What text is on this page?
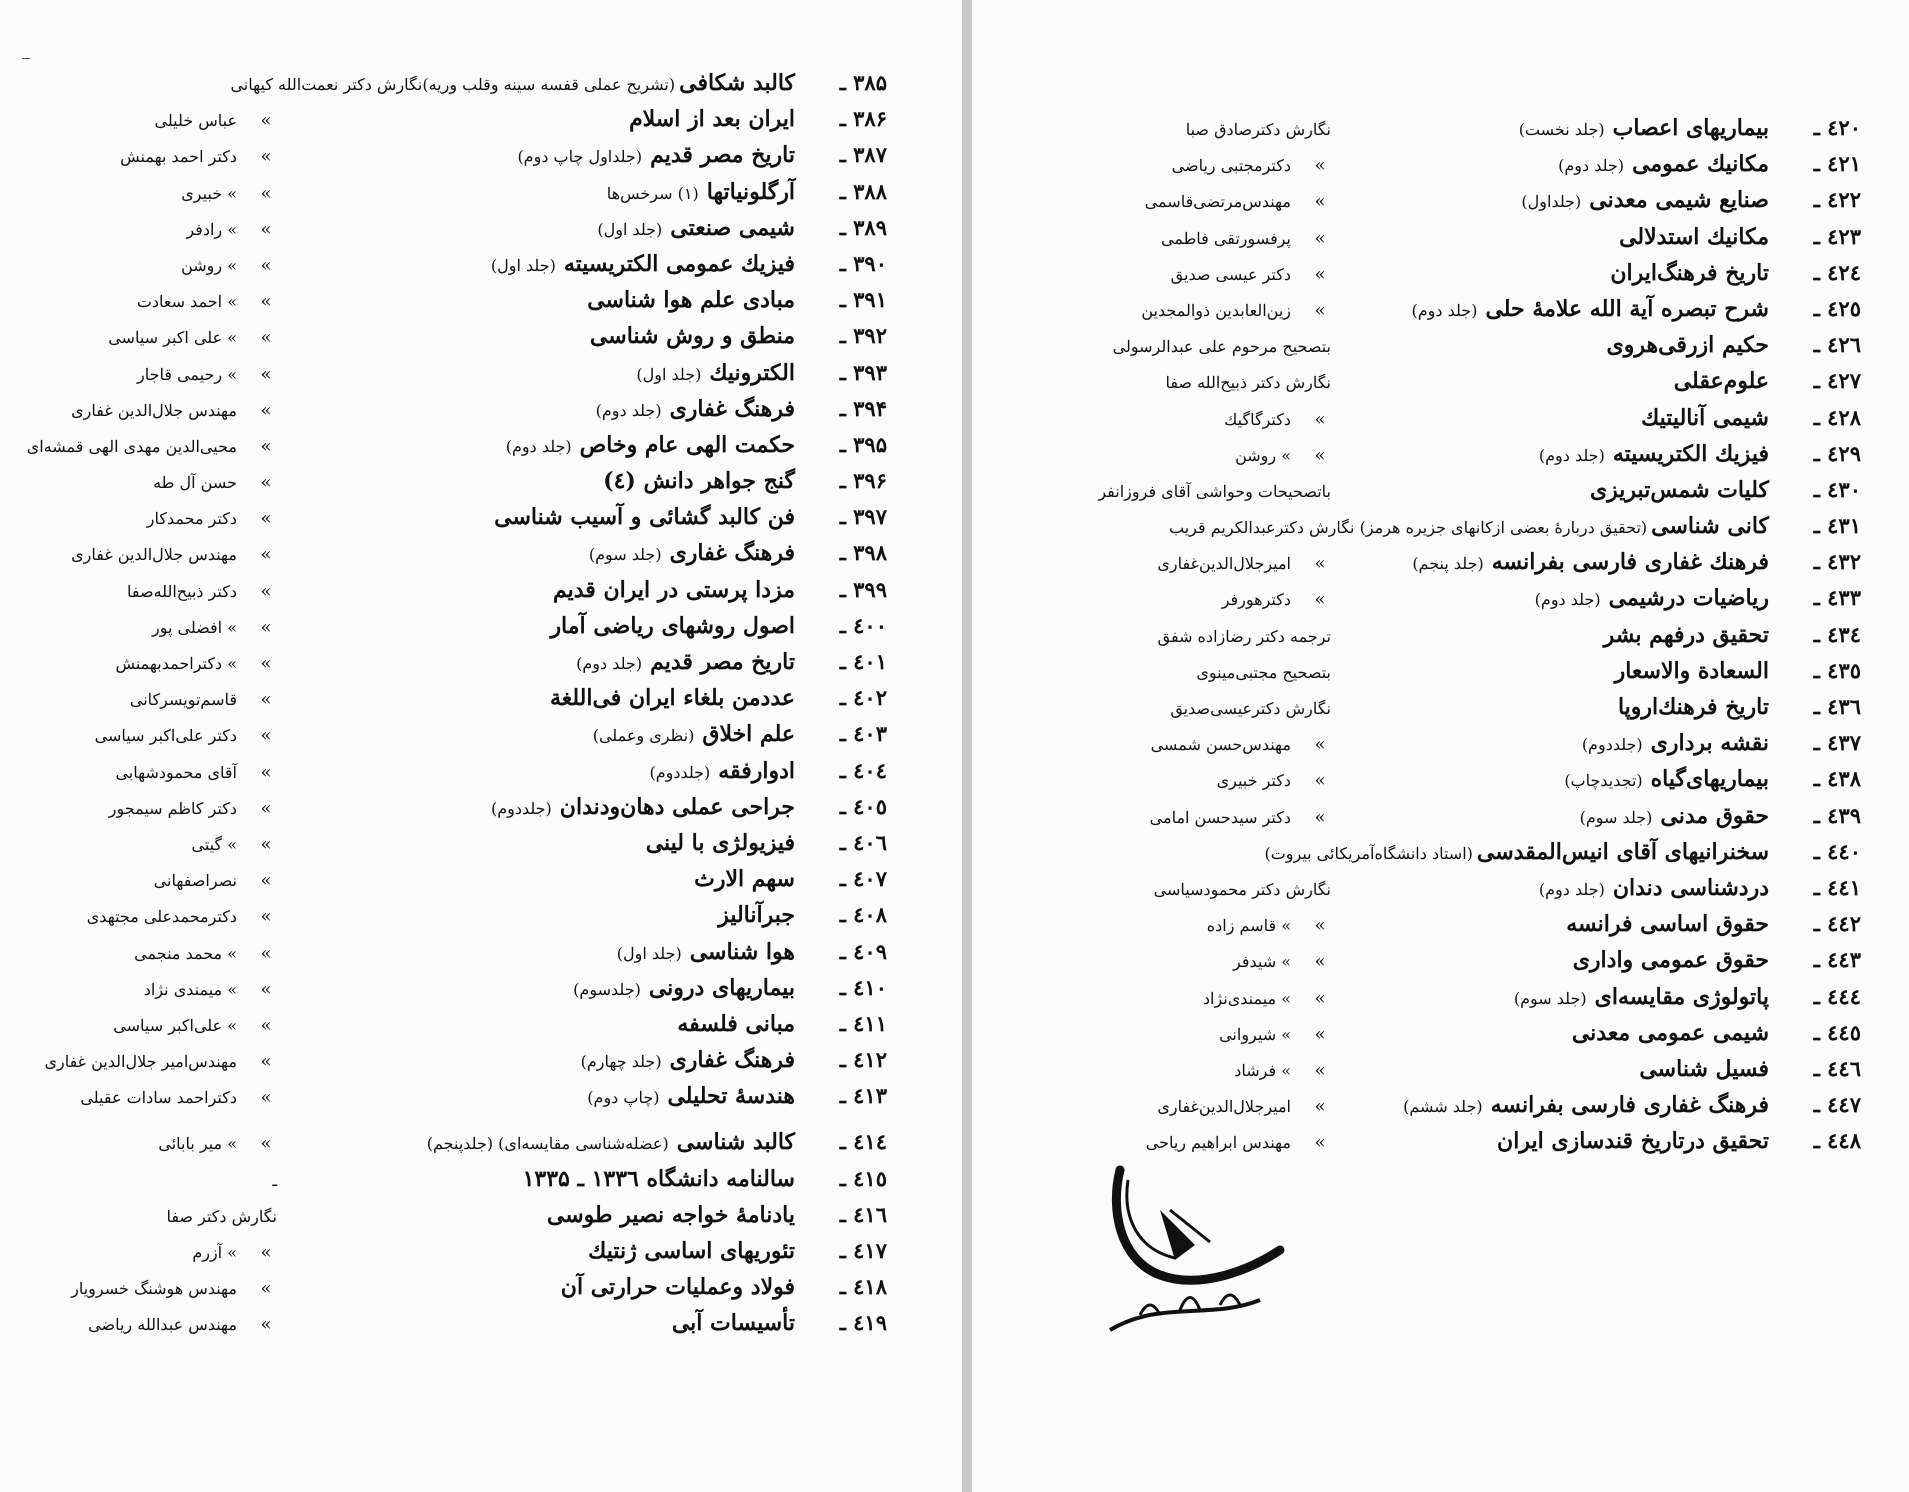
۳۸۵ ـ
کالبد شکافی(تشریح عملی قفسه سینه وقلب وریه)نگارش دکتر نعمت‌الله کیهانی
۳۸۶ ـ
ایران بعد از اسلام
»عباس خلیلی
۳۸۷ ـ
تاریخ مصر قدیم(جلداول چاپ دوم)
»دکتر احمد بهمنش
۳۸۸ ـ
آرگلونیاتها(۱) سرخس‌ها
»» خبیری
۳۸۹ ـ
شیمی صنعتی(جلد اول)
»» رادفر
۳۹۰ ـ
فیزیك عمومی الكتریسیته(جلد اول)
»» روشن
۳۹۱ ـ
مبادی علم هوا شناسی
»» احمد سعادت
۳۹۲ ـ
منطق و روش شناسی
»» علی اکبر سیاسی
۳۹۳ ـ
الکترونیك(جلد اول)
»» رحیمی قاجار
۳۹۴ ـ
فرهنگ غفاری(جلد دوم)
»مهندس جلال‌الدین غفاری
۳۹۵ ـ
حکمت الهی عام وخاص(جلد دوم)
»محیی‌الدین مهدی الهی قمشه‌ای
۳۹۶ ـ
گنج جواهر دانش (٤)
»حسن آل طه
۳۹۷ ـ
فن کالبد گشائی و آسیب شناسی
»دکتر محمدکار
۳۹۸ ـ
فرهنگ غفاری(جلد سوم)
»مهندس جلال‌الدین غفاری
۳۹۹ ـ
مزدا پرستی در ایران قدیم
»دکتر ذبیح‌الله‌صفا
٤٠٠ ـ
اصول روشهای ریاضی آمار
»» افضلی پور
٤٠١ ـ
تاریخ مصر قدیم(جلد دوم)
»» دکتراحمدبهمنش
٤٠٢ ـ
عددمن بلغاء ایران فی‌اللغة
»قاسم‌تویسرکانی
٤٠٣ ـ
علم اخلاق(نظری وعملی)
»دکتر علی‌اکبر سیاسی
٤٠٤ ـ
ادوارفقه(جلددوم)
»آقای محمودشهابی
٤٠٥ ـ
جراحی عملی دهان‌ودندان(جلددوم)
»دکتر کاظم سیمجور
٤٠٦ ـ
فیزیولژی با لینی
»» گیتی
٤٠٧ ـ
سهم الارث
»نصراصفهانی
٤٠٨ ـ
جبرآنالیز
»دکترمحمدعلی مجتهدی
٤٠٩ ـ
هوا شناسی(جلد اول)
»» محمد منجمی
٤١٠ ـ
بیماریهای درونی(جلدسوم)
»» میمندی نژاد
٤١١ ـ
مبانی فلسفه
»» علی‌اکبر سیاسی
٤١٢ ـ
فرهنگ غفاری(جلد چهارم)
»مهندس‌امیر جلال‌الدین غفاری
٤١٣ ـ
هندسهٔ تحلیلی(چاپ دوم)
»دکتراحمد سادات عقیلی
٤١٤ ـ
کالبد شناسی(عضله‌شناسی مقایسه‌ای) (جلدپنجم)
»» میر بابائی
٤١٥ ـ
سالنامه دانشگاه ۱۳۳٦ ـ ۱۳۳۵
ـ
٤١٦ ـ
یادنامهٔ خواجه نصیر طوسی
نگارش دکتر صفا
٤١٧ ـ
تئوریهای اساسی ژنتیك
»» آزرم
٤١٨ ـ
فولاد وعملیات حرارتی آن
»مهندس هوشنگ خسرویار
٤١٩ ـ
تأسیسات آبی
»مهندس عبدالله ریاضی
٤٢٠ ـ
بیماریهای اعصاب(جلد نخست)
نگارش دکترصادق صبا
٤٢١ ـ
مکانیك عمومی(جلد دوم)
»دکترمجتبی ریاضی
٤٢٢ ـ
صنایع شیمی معدنی(جلداول)
»مهندس‌مرتضی‌قاسمی
٤٢٣ ـ
مکانیك استدلالی
»پرفسورتقی فاطمی
٤٢٤ ـ
تاریخ فرهنگ‌ایران
»دکتر عیسی صدیق
٤٢٥ ـ
شرح تبصره آیة الله علامهٔ حلی(جلد دوم)
»زین‌العابدین ذوالمجدین
٤٢٦ ـ
حکیم ازرقی‌هروی
بتصحیح مرحوم علی عبدالرسولی
٤٢٧ ـ
علوم‌عقلی
نگارش دکتر ذبیح‌الله صفا
٤٢٨ ـ
شیمی آنالیتیك
»دکترگاگیك
٤٢٩ ـ
فیزیك الکتریسیته(جلد دوم)
»» روشن
٤٣٠ ـ
کلیات شمس‌تبریزی
باتصحیحات وحواشی آقای فروزانفر
٤٣١ ـ
کانی شناسی(تحقیق دربارهٔ بعضی ازکانهای جزیره هرمز) نگارش دکترعبدالکریم قریب
٤٣٢ ـ
فرهنك غفاری فارسی بفرانسه(جلد پنجم)
»امیرجلال‌الدین‌غفاری
٤٣٣ ـ
ریاضیات درشیمی(جلد دوم)
»دکترهورفر
٤٣٤ ـ
تحقیق درفهم بشر
ترجمه دکتر رضازاده شفق
٤٣٥ ـ
السعادة والاسعار
بتصحیح مجتبی‌مینوی
٤٣٦ ـ
تاریخ فرهنك‌اروپا
نگارش دکترعیسی‌صدیق
٤٣٧ ـ
نقشه برداری(جلددوم)
»مهندس‌حسن شمسی
٤٣٨ ـ
بیماریهای‌گیاه(تجدیدچاپ)
»دکتر خبیری
٤٣٩ ـ
حقوق مدنی(جلد سوم)
»دکتر سیدحسن امامی
٤٤٠ ـ
سخنرانیهای آقای انیس‌المقدسی(استاد دانشگاه‌آمریکائی بیروت)
٤٤١ ـ
دردشناسی دندان(جلد دوم)
نگارش دکتر محمودسیاسی
٤٤٢ ـ
حقوق اساسی فرانسه
»» قاسم زاده
٤٤٣ ـ
حقوق عمومی واداری
»» شیدفر
٤٤٤ ـ
پاتولوژی مقایسه‌ای(جلد سوم)
»» میمندی‌نژاد
٤٤٥ ـ
شیمی عمومی معدنی
»» شیروانی
٤٤٦ ـ
فسیل شناسی
»» فرشاد
٤٤٧ ـ
فرهنگ غفاری فارسی بفرانسه(جلد ششم)
»امیرجلال‌الدین‌غفاری
٤٤٨ ـ
تحقیق درتاریخ قندسازی ایران
»مهندس ابراهیم ریاحی
